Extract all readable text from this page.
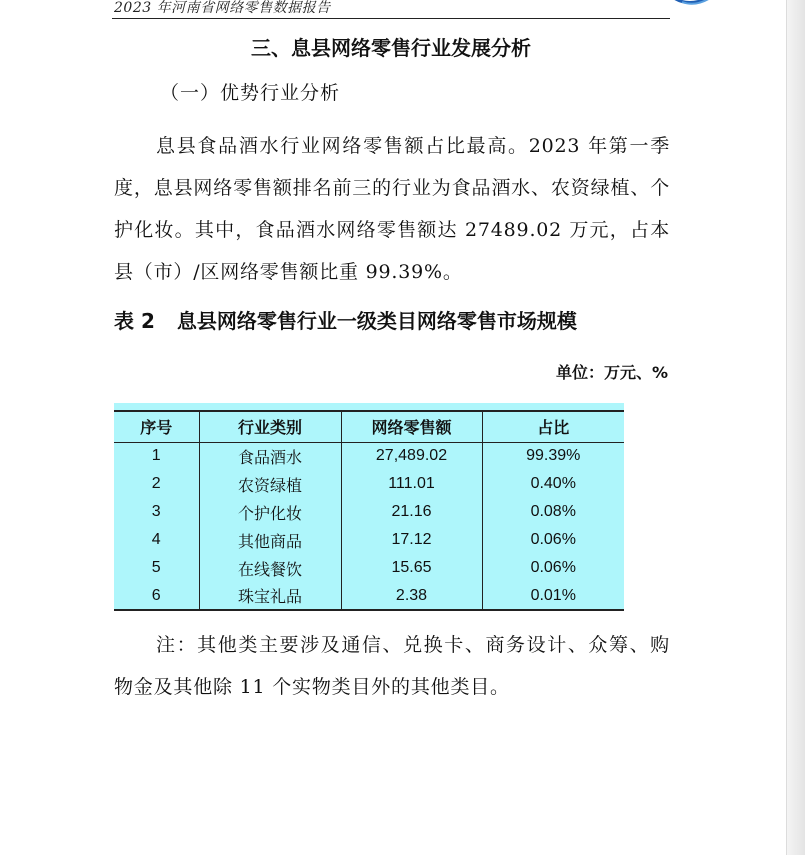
2023 年河南省网络零售数据报告
三、息县网络零售行业发展分析
（一）优势行业分析

息县食品酒水行业网络零售额占比最高。2023 年第一季度，息县网络零售额排名前三的行业为食品酒水、农资绿植、个护化妆。其中，食品酒水网络零售额达 27489.02 万元，占本县（市）/区网络零售额比重 99.39%。

表 2 息县网络零售行业一级类目网络零售市场规模
单位：万元、%
序号	行业类别	网络零售额	占比
1	食品酒水	27,489.02	99.39%
2	农资绿植	111.01	0.40%
3	个护化妆	21.16	0.08%
4	其他商品	17.12	0.06%
5	在线餐饮	15.65	0.06%
6	珠宝礼品	2.38	0.01%

注：其他类主要涉及通信、兑换卡、商务设计、众筹、购物金及其他除 11 个实物类目外的其他类目。
